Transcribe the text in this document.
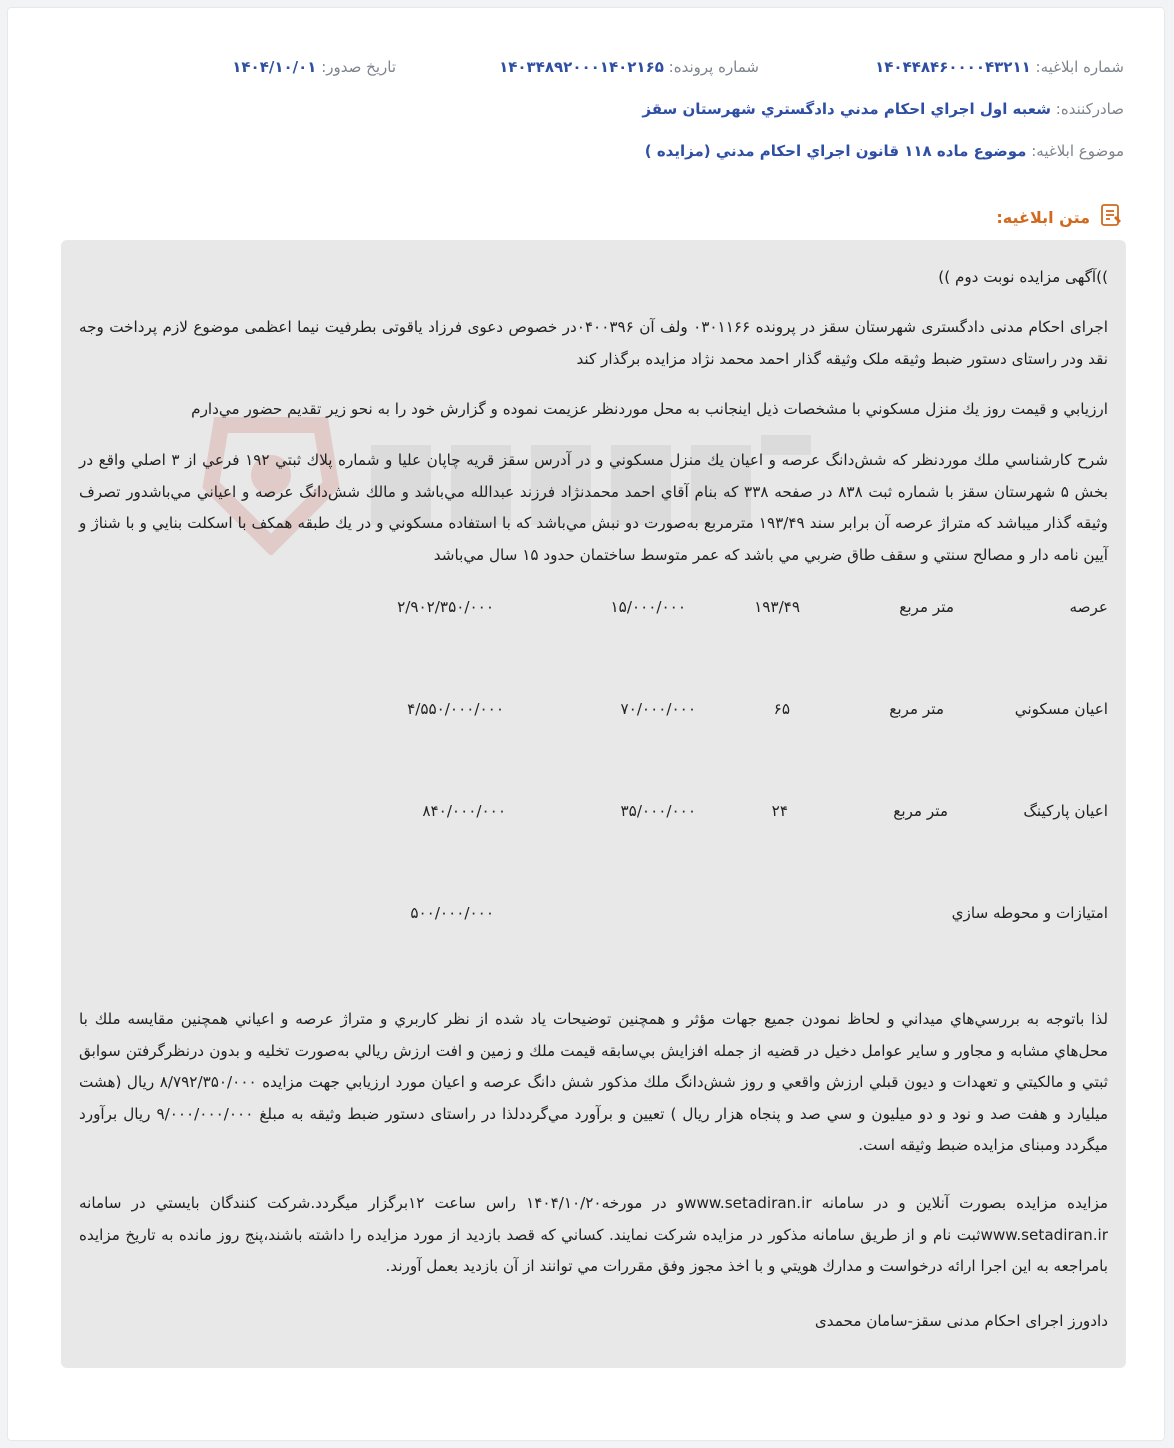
شماره ابلاغیه: ۱۴۰۴۴۸۴۶۰۰۰۰۴۳۲۱۱
شماره پرونده: ۱۴۰۳۴۸۹۲۰۰۰۱۴۰۲۱۶۵
تاریخ صدور: ۱۴۰۴/۱۰/۰۱
صادرکننده: شعبه اول اجراي احكام مدني دادگستري شهرستان سقز
موضوع ابلاغیه: موضوع ماده ۱۱۸ قانون اجراي احكام مدني (مزايده )
متن ابلاغیه:
))آگهی مزایده نوبت دوم ))
اجرای احکام مدنی دادگستری شهرستان سقز در پرونده ۰۳۰۱۱۶۶ ولف آن ۰۴۰۰۳۹۶در خصوص دعوی فرزاد یاقوتی بطرفیت نیما اعظمی موضوع لازم پرداخت وجه نقد ودر راستای دستور ضبط وثیقه ملک وثیقه گذار احمد محمد نژاد مزایده برگذار کند
ارزيابي و قيمت روز يك منزل مسكوني با مشخصات ذيل اينجانب به محل موردنظر عزيمت نموده و گزارش خود را به نحو زير تقديم حضور مي‌دارم
شرح كارشناسي ملك موردنظر كه شش‌دانگ عرصه و اعيان يك منزل مسكوني و در آدرس سقز قريه چاپان عليا و شماره پلاك ثبتي ۱۹۲ فرعي از ۳ اصلي واقع در بخش ۵ شهرستان سقز با شماره ثبت ۸۳۸ در صفحه ۳۳۸ كه بنام آقاي احمد محمدنژاد فرزند عبدالله مي‌باشد و مالك شش‌دانگ عرصه و اعياني مي‌باشدور تصرف وثیقه گذار میباشد كه متراژ عرصه آن برابر سند ۱۹۳/۴۹ مترمربع به‌صورت دو نبش مي‌باشد كه با استفاده مسكوني و در يك طبقه همكف با اسكلت بنايي و با شناژ و آيين نامه دار و مصالح سنتي و سقف طاق ضربي مي باشد كه عمر متوسط ساختمان حدود ۱۵ سال مي‌باشد
عرصه
متر مربع
۱۹۳/۴۹
۱۵/۰۰۰/۰۰۰
۲/۹۰۲/۳۵۰/۰۰۰
اعيان مسكوني
متر مربع
۶۵
۷۰/۰۰۰/۰۰۰
۴/۵۵۰/۰۰۰/۰۰۰
اعيان پاركينگ
متر مربع
۲۴
۳۵/۰۰۰/۰۰۰
۸۴۰/۰۰۰/۰۰۰
امتيازات و محوطه سازي
۵۰۰/۰۰۰/۰۰۰
لذا باتوجه به بررسي‌هاي ميداني و لحاظ نمودن جميع جهات مؤثر و همچنين توضيحات ياد شده از نظر كاربري و متراژ عرصه و اعياني همچنين مقايسه ملك با محل‌هاي مشابه و مجاور و ساير عوامل دخيل در قضيه از جمله افزايش بي‌سابقه قيمت ملك و زمين و افت ارزش ريالي به‌صورت تخليه و بدون درنظرگرفتن سوابق ثبتي و مالكيتي و تعهدات و ديون قبلي ارزش واقعي و روز شش‌دانگ ملك مذكور شش دانگ عرصه و اعيان مورد ارزيابي جهت مزايده ۸/۷۹۲/۳۵۰/۰۰۰ ريال (هشت ميليارد و هفت صد و نود و دو ميليون و سي صد و پنجاه هزار ريال ) تعيين و برآورد مي‌گرددلذا در راستای دستور ضبط وثیقه به مبلغ ۹/۰۰۰/۰۰۰/۰۰۰ ریال برآورد میگردد ومبنای مزایده ضبط وثیقه است.
مزايده مزايده بصورت آنلاين و در سامانه www.setadiran.irو در مورخه۱۴۰۴/۱۰/۲۰ راس ساعت ۱۲برگزار ميگردد.شركت كنندگان بايستي در سامانه www.setadiran.irثبت نام و از طريق سامانه مذكور در مزايده شركت نمايند. كساني كه قصد بازديد از مورد مزايده را داشته باشند،پنج روز مانده به تاريخ مزايده بامراجعه به اين اجرا ارائه درخواست و مدارك هويتي و با اخذ مجوز وفق مقررات مي توانند از آن بازديد بعمل آورند.
دادورز اجرای احکام مدنی سقز-سامان محمدی
